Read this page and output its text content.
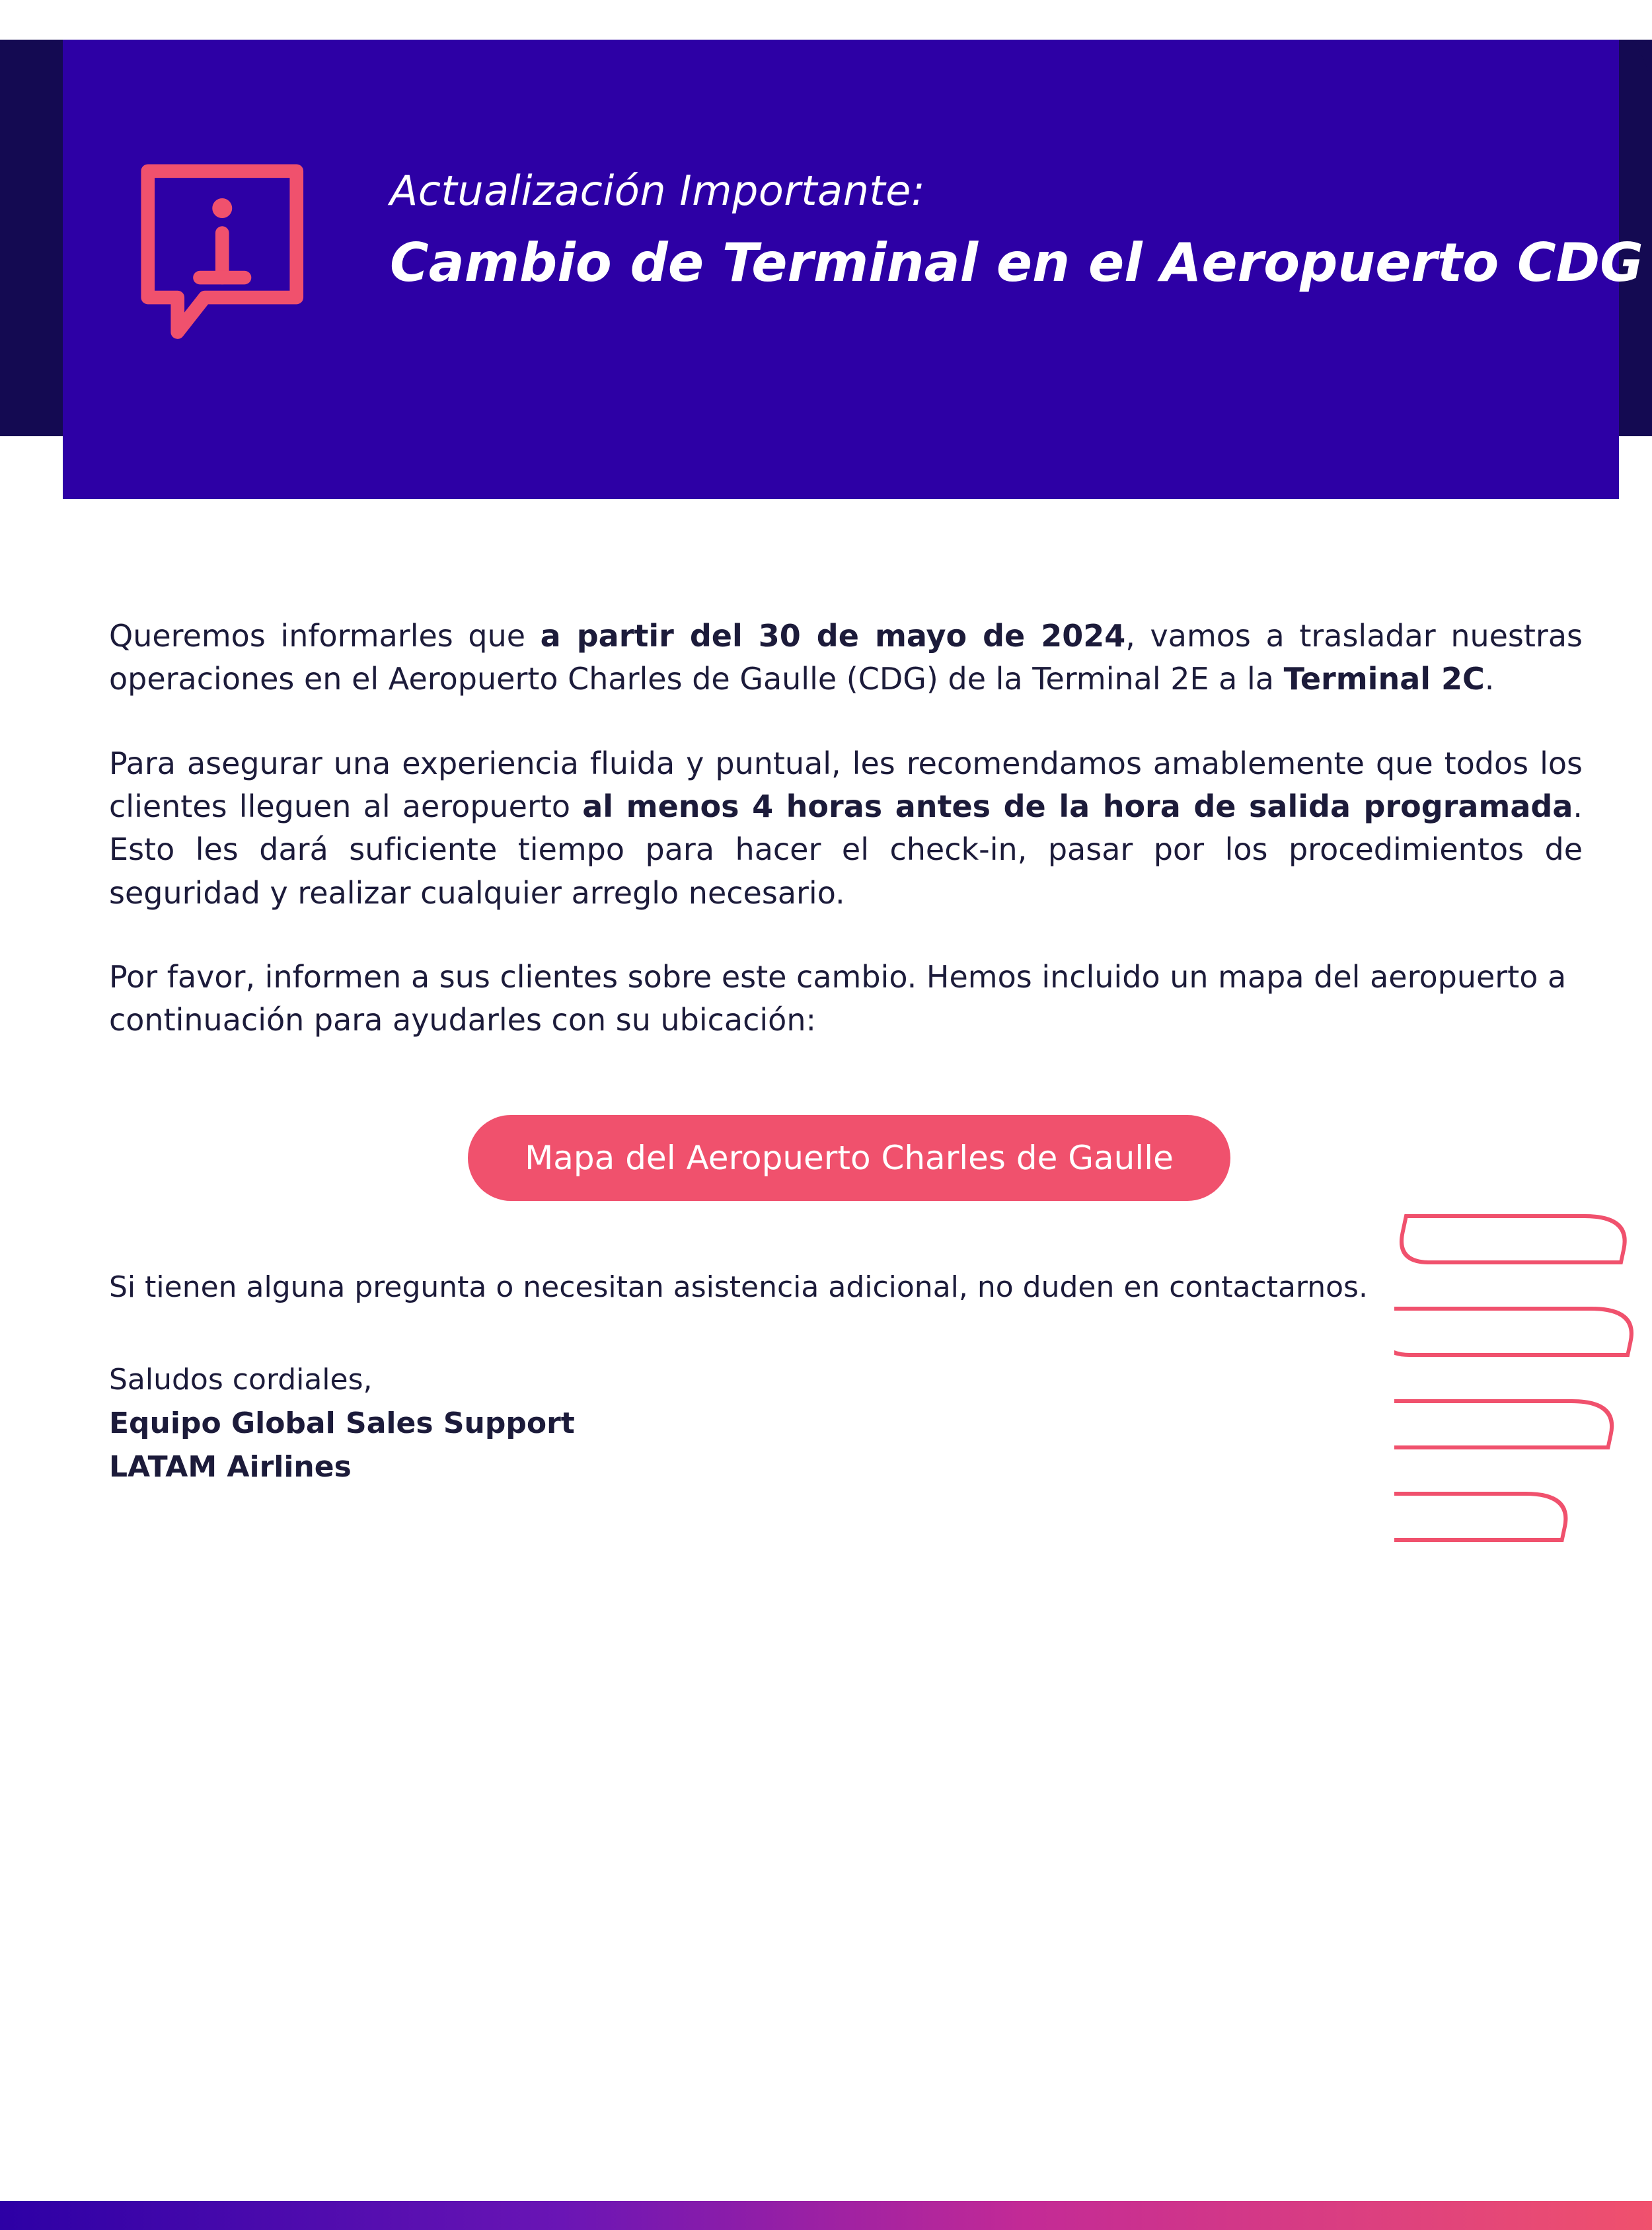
Actualización Importante:
Cambio de Terminal en el Aeropuerto CDG

Queremos informarles que a partir del 30 de mayo de 2024, vamos a trasladar nuestras operaciones en el Aeropuerto Charles de Gaulle (CDG) de la Terminal 2E a la Terminal 2C.

Para asegurar una experiencia fluida y puntual, les recomendamos amablemente que todos los clientes lleguen al aeropuerto al menos 4 horas antes de la hora de salida programada. Esto les dará suficiente tiempo para hacer el check-in, pasar por los procedimientos de seguridad y realizar cualquier arreglo necesario.

Por favor, informen a sus clientes sobre este cambio. Hemos incluido un mapa del aeropuerto a continuación para ayudarles con su ubicación:

Mapa del Aeropuerto Charles de Gaulle

Si tienen alguna pregunta o necesitan asistencia adicional, no duden en contactarnos.

Saludos cordiales,
Equipo Global Sales Support
LATAM Airlines
